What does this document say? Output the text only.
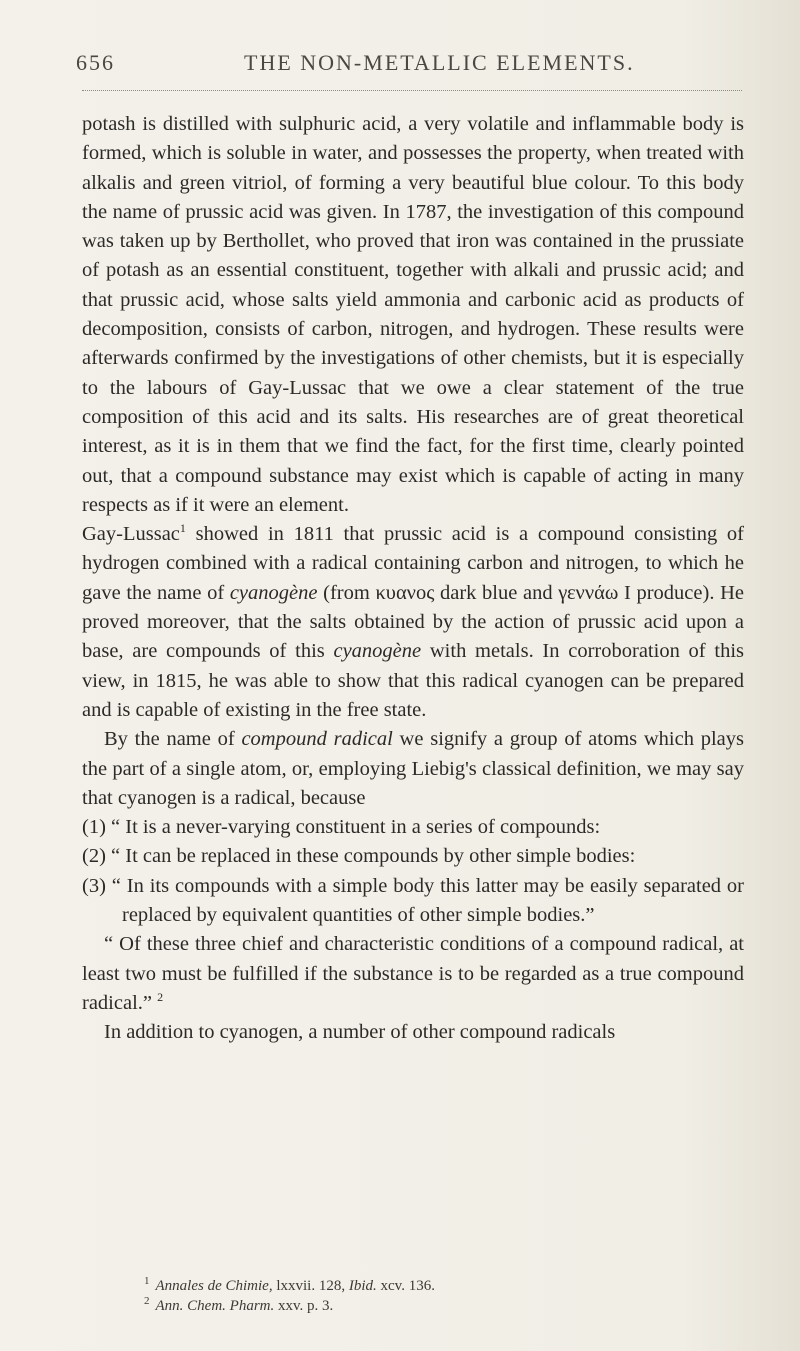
656	THE NON-METALLIC ELEMENTS.

potash is distilled with sulphuric acid, a very volatile and inflammable body is formed, which is soluble in water, and possesses the property, when treated with alkalis and green vitriol, of forming a very beautiful blue colour. To this body the name of prussic acid was given. In 1787, the investigation of this compound was taken up by Berthollet, who proved that iron was contained in the prussiate of potash as an essential constituent, together with alkali and prussic acid; and that prussic acid, whose salts yield ammonia and carbonic acid as products of decomposition, consists of carbon, nitrogen, and hydrogen. These results were afterwards confirmed by the investigations of other chemists, but it is especially to the labours of Gay-Lussac that we owe a clear statement of the true composition of this acid and its salts. His researches are of great theoretical interest, as it is in them that we find the fact, for the first time, clearly pointed out, that a compound substance may exist which is capable of acting in many respects as if it were an element.

Gay-Lussac$^1$ showed in 1811 that prussic acid is a compound consisting of hydrogen combined with a radical containing carbon and nitrogen, to which he gave the name of cyanogène (from κυανος dark blue and γεννάω I produce). He proved moreover, that the salts obtained by the action of prussic acid upon a base, are compounds of this cyanogène with metals. In corroboration of this view, in 1815, he was able to show that this radical cyanogen can be prepared and is capable of existing in the free state.

By the name of compound radical we signify a group of atoms which plays the part of a single atom, or, employing Liebig's classical definition, we may say that cyanogen is a radical, because

(1) “ It is a never-varying constituent in a series of compounds:

(2) “ It can be replaced in these compounds by other simple bodies:

(3) “ In its compounds with a simple body this latter may be easily separated or replaced by equivalent quantities of other simple bodies.”

“ Of these three chief and characteristic conditions of a compound radical, at least two must be fulfilled if the substance is to be regarded as a true compound radical.” $^2$

In addition to cyanogen, a number of other compound radicals

$^1$ Annales de Chimie, lxxvii. 128, Ibid. xcv. 136.

$^2$ Ann. Chem. Pharm. xxv. p. 3.
